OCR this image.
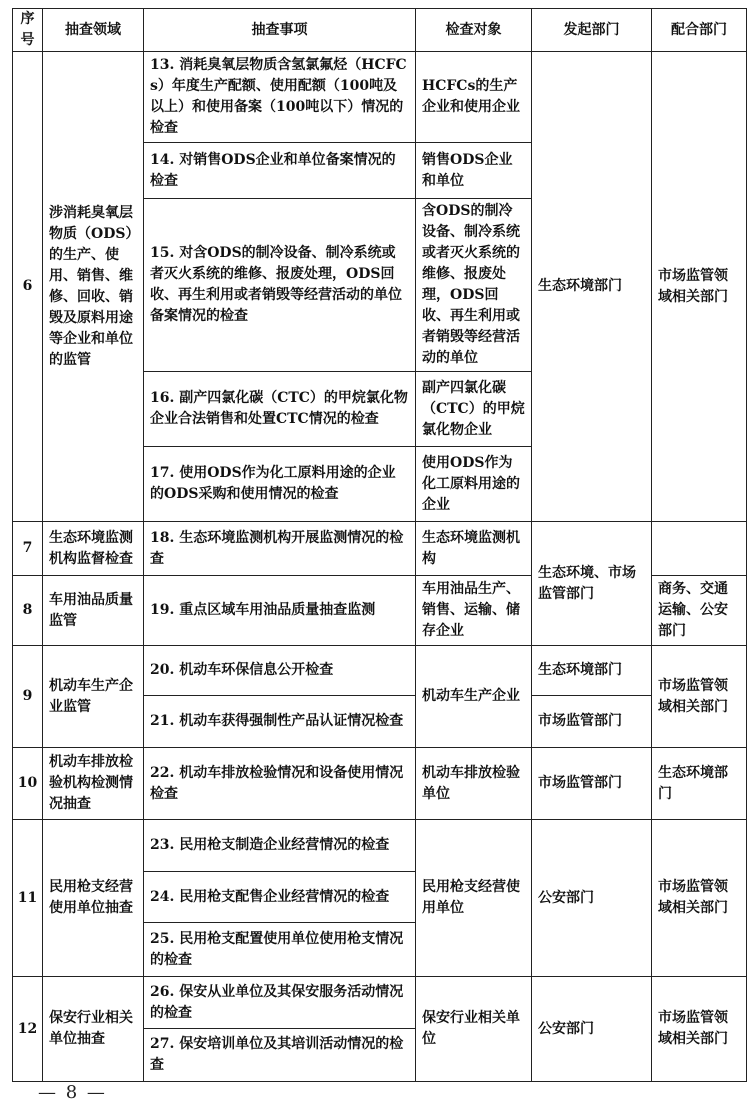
序号	抽查领域	抽查事项	检查对象	发起部门	配合部门
6	涉消耗臭氧层物质（ODS）的生产、使用、销售、维修、回收、销毁及原料用途等企业和单位的监管	13. 消耗臭氧层物质含氢氯氟烃（HCFCs）年度生产配额、使用配额（100吨及以上）和使用备案（100吨以下）情况的检查	HCFCs的生产企业和使用企业	生态环境部门	市场监管领域相关部门
		14. 对销售ODS企业和单位备案情况的检查	销售ODS企业和单位		
		15. 对含ODS的制冷设备、制冷系统或者灭火系统的维修、报废处理，ODS回收、再生利用或者销毁等经营活动的单位备案情况的检查	含ODS的制冷设备、制冷系统或者灭火系统的维修、报废处理，ODS回收、再生利用或者销毁等经营活动的单位		
		16. 副产四氯化碳（CTC）的甲烷氯化物企业合法销售和处置CTC情况的检查	副产四氯化碳（CTC）的甲烷氯化物企业		
		17. 使用ODS作为化工原料用途的企业的ODS采购和使用情况的检查	使用ODS作为化工原料用途的企业		
7	生态环境监测机构监督检查	18. 生态环境监测机构开展监测情况的检查	生态环境监测机构	生态环境、市场监管部门	
8	车用油品质量监管	19. 重点区域车用油品质量抽查监测	车用油品生产、销售、运输、储存企业		商务、交通运输、公安部门
9	机动车生产企业监管	20. 机动车环保信息公开检查	机动车生产企业	生态环境部门	市场监管领域相关部门
		21. 机动车获得强制性产品认证情况检查		市场监管部门	
10	机动车排放检验机构检测情况抽查	22. 机动车排放检验情况和设备使用情况检查	机动车排放检验单位	市场监管部门	生态环境部门
11	民用枪支经营使用单位抽查	23. 民用枪支制造企业经营情况的检查	民用枪支经营使用单位	公安部门	市场监管领域相关部门
		24. 民用枪支配售企业经营情况的检查			
		25. 民用枪支配置使用单位使用枪支情况的检查			
12	保安行业相关单位抽查	26. 保安从业单位及其保安服务活动情况的检查	保安行业相关单位	公安部门	市场监管领域相关部门
		27. 保安培训单位及其培训活动情况的检查			
— 8 —
